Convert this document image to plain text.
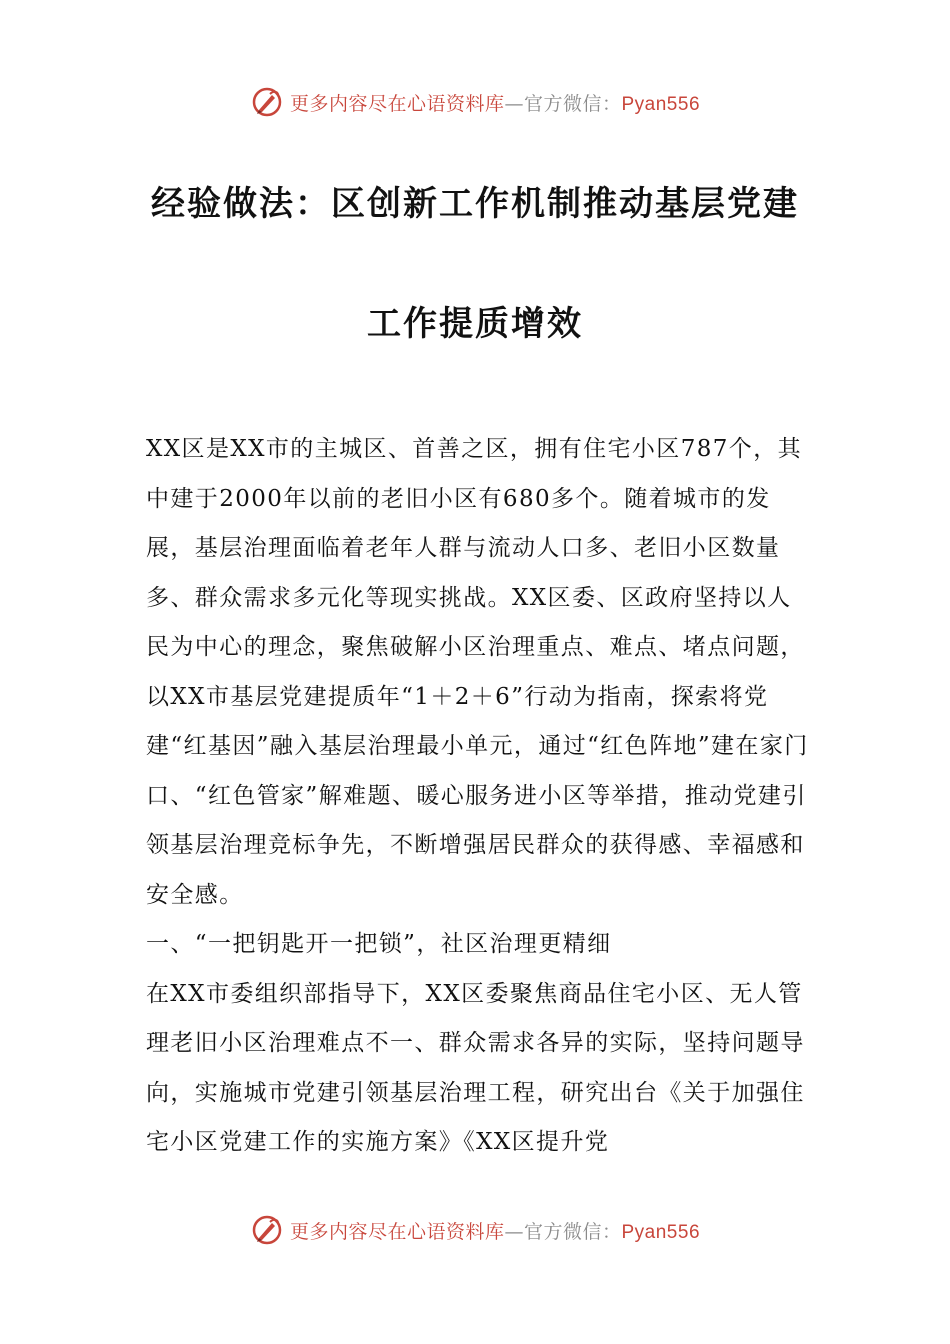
更多内容尽在心语资料库—官方微信：Pyan556
经验做法：区创新工作机制推动基层党建
工作提质增效

XX区是XX市的主城区、首善之区，拥有住宅小区787个，其中建于2000年以前的老旧小区有680多个。随着城市的发展，基层治理面临着老年人群与流动人口多、老旧小区数量多、群众需求多元化等现实挑战。XX区委、区政府坚持以人民为中心的理念，聚焦破解小区治理重点、难点、堵点问题，以XX市基层党建提质年“1＋2＋6”行动为指南，探索将党建“红基因”融入基层治理最小单元，通过“红色阵地”建在家门口、“红色管家”解难题、暖心服务进小区等举措，推动党建引领基层治理竞标争先，不断增强居民群众的获得感、幸福感和安全感。

一、“一把钥匙开一把锁”，社区治理更精细

在XX市委组织部指导下，XX区委聚焦商品住宅小区、无人管理老旧小区治理难点不一、群众需求各异的实际，坚持问题导向，实施城市党建引领基层治理工程，研究出台《关于加强住宅小区党建工作的实施方案》《XX区提升党

更多内容尽在心语资料库—官方微信：Pyan556
